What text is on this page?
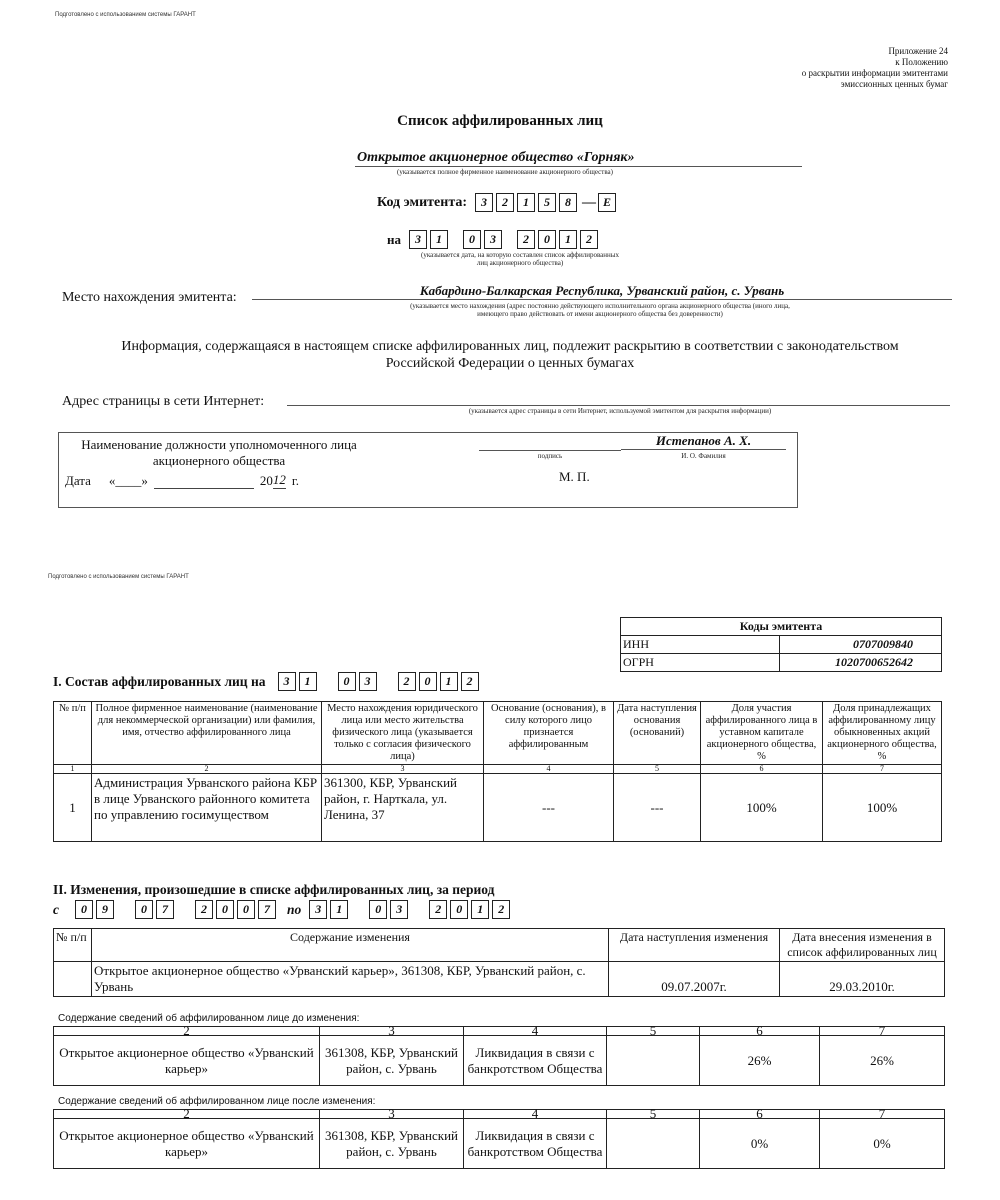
Подготовлено с использованием системы ГАРАНТ
Приложение 24
к Положению
о раскрытии информации эмитентами
эмиссионных ценных бумаг
Список аффилированных лиц
Открытое акционерное общество «Горняк»
(указывается полное фирменное наименование акционерного общества)
Код эмитента:	3	2	1	5	8 — E
на	3	1	0	3	2	0	1	2
(указывается дата, на которую составлен список аффилированных лиц акционерного общества)
Место нахождения эмитента:	Кабардино-Балкарская Республика, Урванский район, с. Урвань
(указывается место нахождения (адрес постоянно действующего исполнительного органа акционерного общества (иного лица, имеющего право действовать от имени акционерного общества без доверенности)
Информация, содержащаяся в настоящем списке аффилированных лиц, подлежит раскрытию в соответствии с законодательством Российской Федерации о ценных бумагах
Адрес страницы в сети Интернет:
(указывается адрес страницы в сети Интернет, используемой эмитентом для раскрытия информации)
Наименование должности уполномоченного лица акционерного общества	подпись
Истепанов А. Х.
И. О. Фамилия
Дата «____»	20 12 г.	М. П.
Подготовлено с использованием системы ГАРАНТ
Коды эмитента	
ИНН	0707009840
ОГРН	1020700652642
I. Состав аффилированных лиц на	3	1	0	3	2	0	1	2
№ п/п	Полное фирменное наименование (наименование для некоммерческой организации) или фамилия, имя, отчество аффилированного лица	Место нахождения юридического лица или место жительства физического лица (указывается только с согласия физического лица)	Основание (основания), в силу которого лицо признается аффилированным	Дата наступления основания (оснований)	Доля участия аффилированного лица в уставном капитале акционерного общества, %	Доля принадлежащих аффилированному лицу обыкновенных акций акционерного общества, %
1	2	3	4	5	6	7
1	Администрация Урванского района КБР в лице Урванского районного комитета по управлению госимуществом	361300, КБР, Урванский район, г. Нарткала, ул. Ленина, 37	---	---	100%	100%
II. Изменения, произошедшие в списке аффилированных лиц, за период
с	0	9	0	7	2	0	0	7	по	3	1	0	3	2	0	1	2
№ п/п	Содержание изменения	Дата наступления изменения	Дата внесения изменения в список аффилированных лиц
	Открытое акционерное общество «Урванский карьер», 361308, КБР, Урванский район, с. Урвань	09.07.2007г.	29.03.2010г.
Содержание сведений об аффилированном лице до изменения:
2	3	4	5	6	7
Открытое акционерное общество «Урванский карьер»	361308, КБР, Урванский район, с. Урвань	Ликвидация в связи с банкротством Общества		26%	26%
Содержание сведений об аффилированном лице после изменения:
2	3	4	5	6	7
Открытое акционерное общество «Урванский карьер»	361308, КБР, Урванский район, с. Урвань	Ликвидация в связи с банкротством Общества		0%	0%
